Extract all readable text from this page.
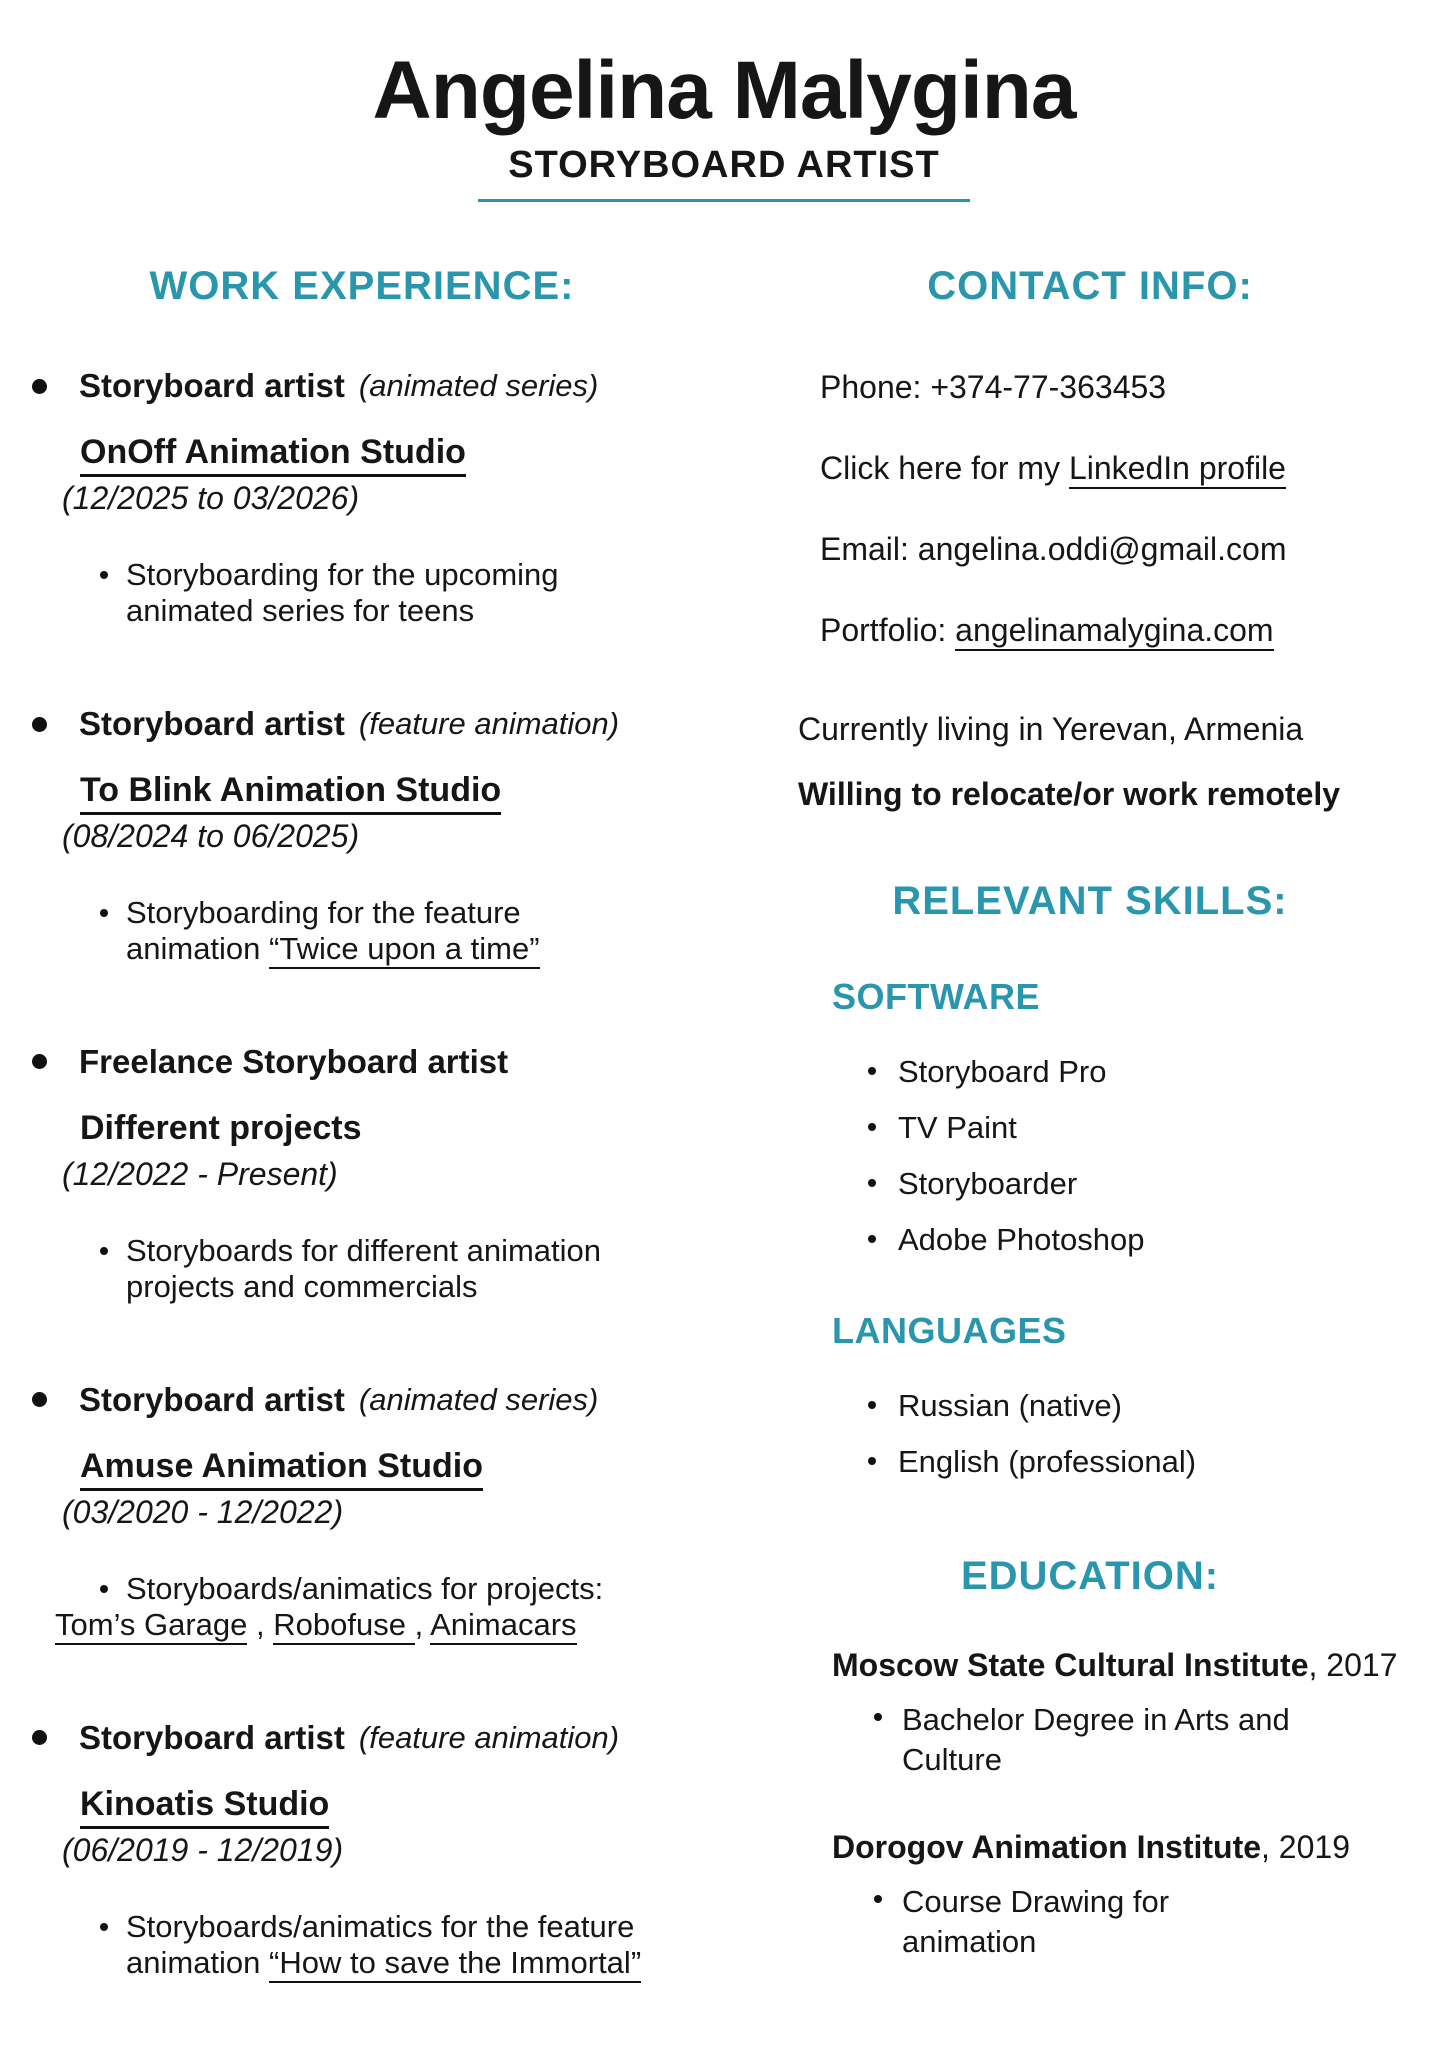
Angelina Malygina
STORYBOARD ARTIST
WORK EXPERIENCE:
Storyboard artist (animated series)
OnOff Animation Studio
(12/2025 to 03/2026)
Storyboarding for the upcoming
animated series for teens
Storyboard artist (feature animation)
To Blink Animation Studio
(08/2024 to 06/2025)
Storyboarding for the feature
animation “Twice upon a time”
Freelance Storyboard artist
Different projects
(12/2022 - Present)
Storyboards for different animation
projects and commercials
Storyboard artist (animated series)
Amuse Animation Studio
(03/2020 - 12/2022)
Storyboards/animatics for projects:
Tom’s Garage , Robofuse , Animacars
Storyboard artist (feature animation)
Kinoatis Studio
(06/2019 - 12/2019)
Storyboards/animatics for the feature
animation “How to save the Immortal”
CONTACT INFO:
Phone: +374-77-363453
Click here for my LinkedIn profile
Email: angelina.oddi@gmail.com
Portfolio: angelinamalygina.com
Currently living in Yerevan, Armenia
Willing to relocate/or work remotely
RELEVANT SKILLS:
SOFTWARE
Storyboard Pro
TV Paint
Storyboarder
Adobe Photoshop
LANGUAGES
Russian (native)
English (professional)
EDUCATION:
Moscow State Cultural Institute, 2017
Bachelor Degree in Arts and Culture
Dorogov Animation Institute, 2019
Course Drawing for animation
